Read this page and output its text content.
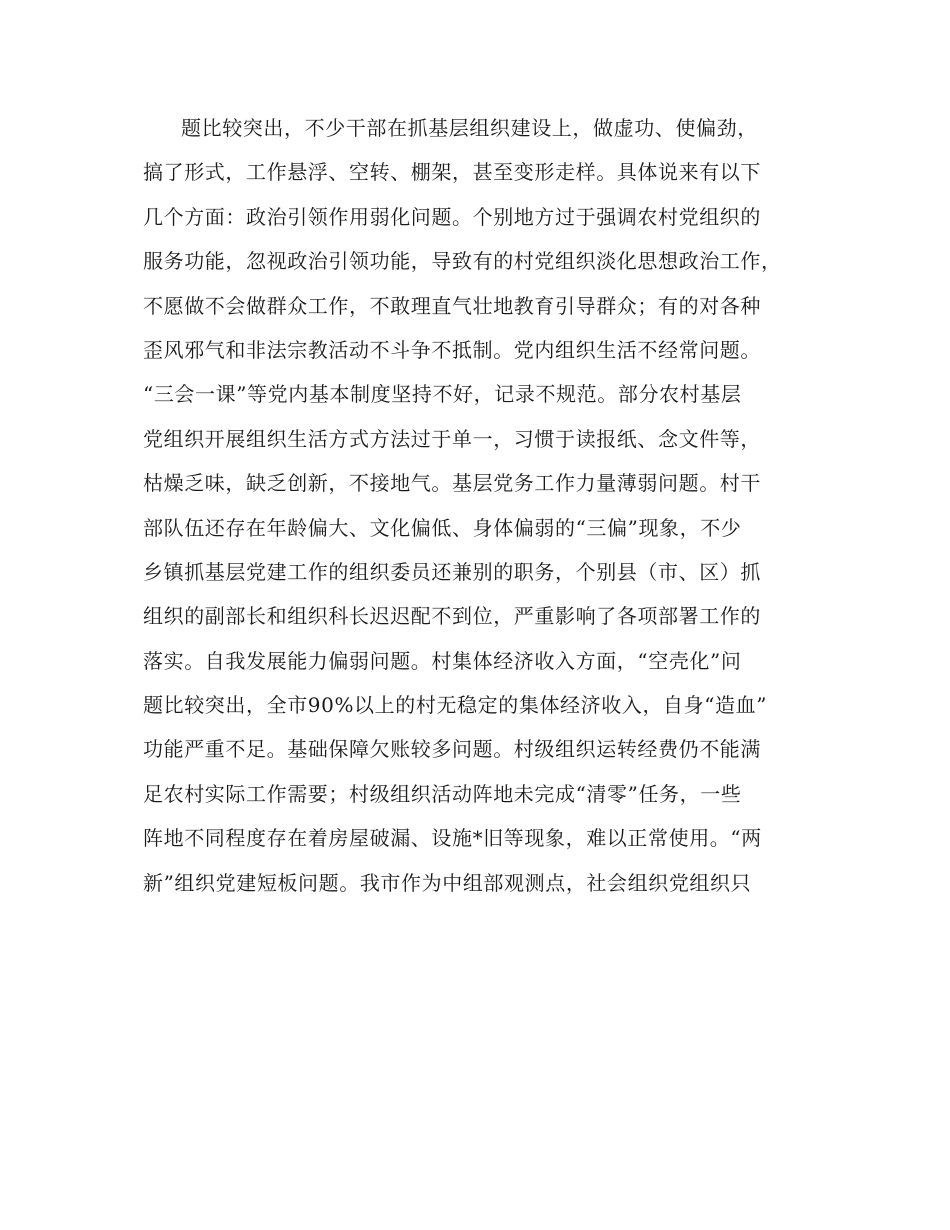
题比较突出，不少干部在抓基层组织建设上，做虚功、使偏劲，
搞了形式，工作悬浮、空转、棚架，甚至变形走样。具体说来有以下
几个方面：政治引领作用弱化问题。个别地方过于强调农村党组织的
服务功能，忽视政治引领功能，导致有的村党组织淡化思想政治工作，
不愿做不会做群众工作，不敢理直气壮地教育引导群众；有的对各种
歪风邪气和非法宗教活动不斗争不抵制。党内组织生活不经常问题。
“三会一课”等党内基本制度坚持不好，记录不规范。部分农村基层
党组织开展组织生活方式方法过于单一，习惯于读报纸、念文件等，
枯燥乏味，缺乏创新，不接地气。基层党务工作力量薄弱问题。村干
部队伍还存在年龄偏大、文化偏低、身体偏弱的“三偏”现象，不少
乡镇抓基层党建工作的组织委员还兼别的职务，个别县（市、区）抓
组织的副部长和组织科长迟迟配不到位，严重影响了各项部署工作的
落实。自我发展能力偏弱问题。村集体经济收入方面，“空壳化”问
题比较突出，全市90%以上的村无稳定的集体经济收入，自身“造血”
功能严重不足。基础保障欠账较多问题。村级组织运转经费仍不能满
足农村实际工作需要；村级组织活动阵地未完成“清零”任务，一些
阵地不同程度存在着房屋破漏、设施*旧等现象，难以正常使用。“两
新”组织党建短板问题。我市作为中组部观测点，社会组织党组织只
